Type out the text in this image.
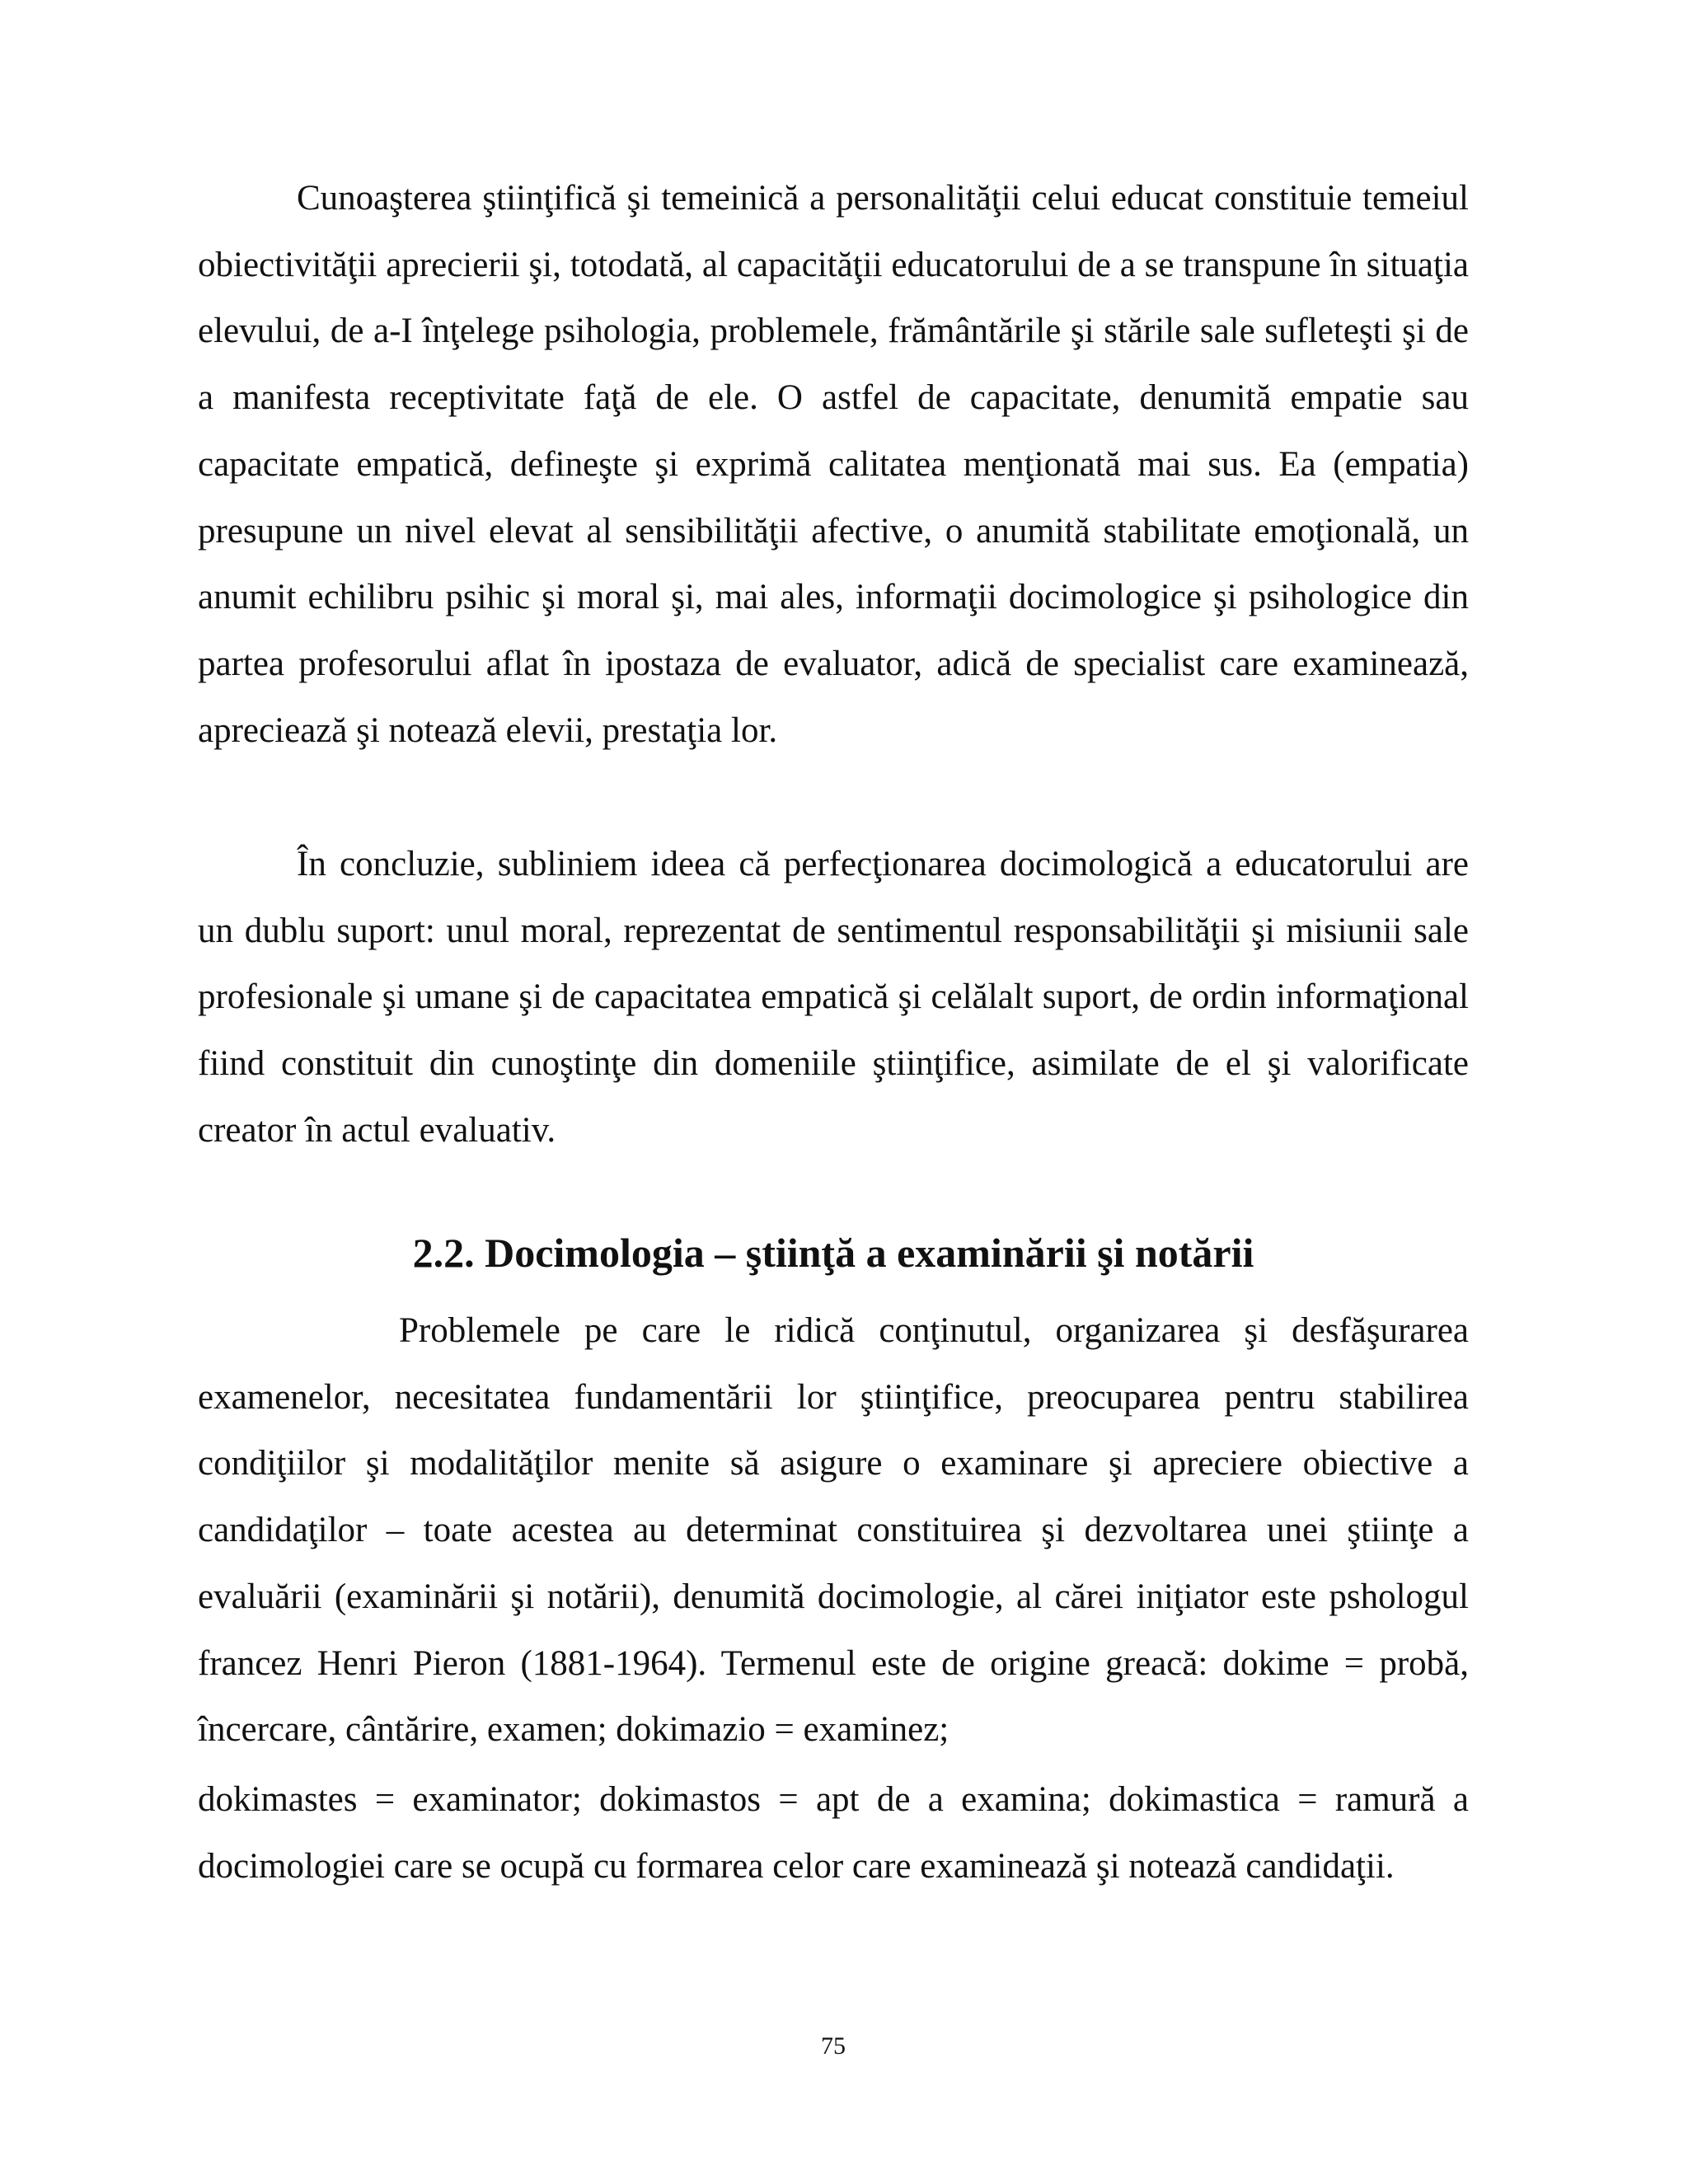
Cunoaşterea ştiinţifică şi temeinică a personalităţii celui educat constituie temeiul obiectivităţii aprecierii şi, totodată, al capacităţii educatorului de a se transpune în situaţia elevului, de a-I înţelege psihologia, problemele, frământările şi stările sale sufleteşti şi de a manifesta receptivitate faţă de ele. O astfel de capacitate, denumită empatie sau capacitate empatică, defineşte şi exprimă calitatea menţionată mai sus. Ea (empatia) presupune un nivel elevat al sensibilităţii afective, o anumită stabilitate emoţională, un anumit echilibru psihic şi moral şi, mai ales, informaţii docimologice şi psihologice din partea profesorului aflat în ipostaza de evaluator, adică de specialist care examinează, apreciează şi notează elevii, prestaţia lor.

În concluzie, subliniem ideea că perfecţionarea docimologică a educatorului are un dublu suport: unul moral, reprezentat de sentimentul responsabilităţii şi misiunii sale profesionale şi umane şi de capacitatea empatică şi celălalt suport, de ordin informaţional fiind constituit din cunoştinţe din domeniile ştiinţifice, asimilate de el şi valorificate creator în actul evaluativ.

2.2. Docimologia – ştiinţă a examinării şi notării

Problemele pe care le ridică conţinutul, organizarea şi desfăşurarea examenelor, necesitatea fundamentării lor ştiinţifice, preocuparea pentru stabilirea condiţiilor şi modalităţilor menite să asigure o examinare şi apreciere obiective a candidaţilor – toate acestea au determinat constituirea şi dezvoltarea unei ştiinţe a evaluării (examinării şi notării), denumită docimologie, al cărei iniţiator este pshologul francez Henri Pieron (1881-1964). Termenul este de origine greacă: dokime = probă, încercare, cântărire, examen; dokimazio = examinez;

dokimastes = examinator; dokimastos = apt de a examina; dokimastica = ramură a docimologiei care se ocupă cu formarea celor care examinează şi notează candidaţii.

75
